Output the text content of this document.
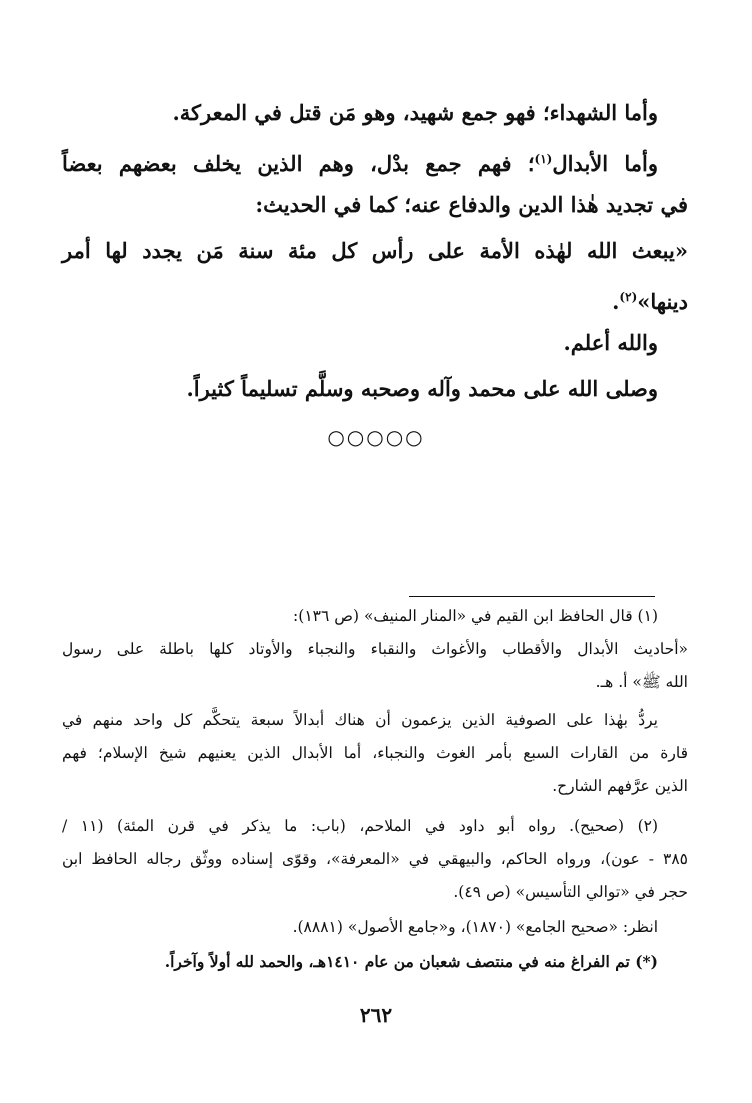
وأما الشهداء؛ فهو جمع شهيد، وهو مَن قتل في المعركة.
وأما الأبدال$^{(١)}$؛ فهم جمع بدْل، وهم الذين يخلف بعضهم بعضاً
في تجديد هٰذا الدين والدفاع عنه؛ كما في الحديث:
«يبعث الله لهٰذه الأمة على رأس كل مئة سنة مَن يجدد لها أمر
دينها»$^{(٢)}$.
والله أعلم.
وصلى الله على محمد وآله وصحبه وسلَّم تسليماً كثيراً.
○○○○○
(١) قال الحافظ ابن القيم في «المنار المنيف» (ص ١٣٦):
«أحاديث الأبدال والأقطاب والأغواث والنقباء والنجباء والأوتاد كلها باطلة على رسول
الله ﷺ» أ. هـ.
يردُّ بهٰذا على الصوفية الذين يزعمون أن هناك أبدالاً سبعة يتحكَّم كل واحد منهم في
قارة من القارات السبع بأمر الغوث والنجباء، أما الأبدال الذين يعنيهم شيخ الإسلام؛ فهم
الذين عرَّفهم الشارح.
(٢) (صحيح). رواه أبو داود في الملاحم، (باب: ما يذكر في قرن المئة) (١١ /
٣٨٥ - عون)، ورواه الحاكم، والبيهقي في «المعرفة»، وقوّى إسناده ووثّق رجاله الحافظ ابن
حجر في «توالي التأسيس» (ص ٤٩).
انظر: «صحيح الجامع» (١٨٧٠)، و«جامع الأصول» (٨٨٨١).
(*) تم الفراغ منه في منتصف شعبان من عام ١٤١٠هـ، والحمد لله أولاً وآخراً.
٢٦٢
